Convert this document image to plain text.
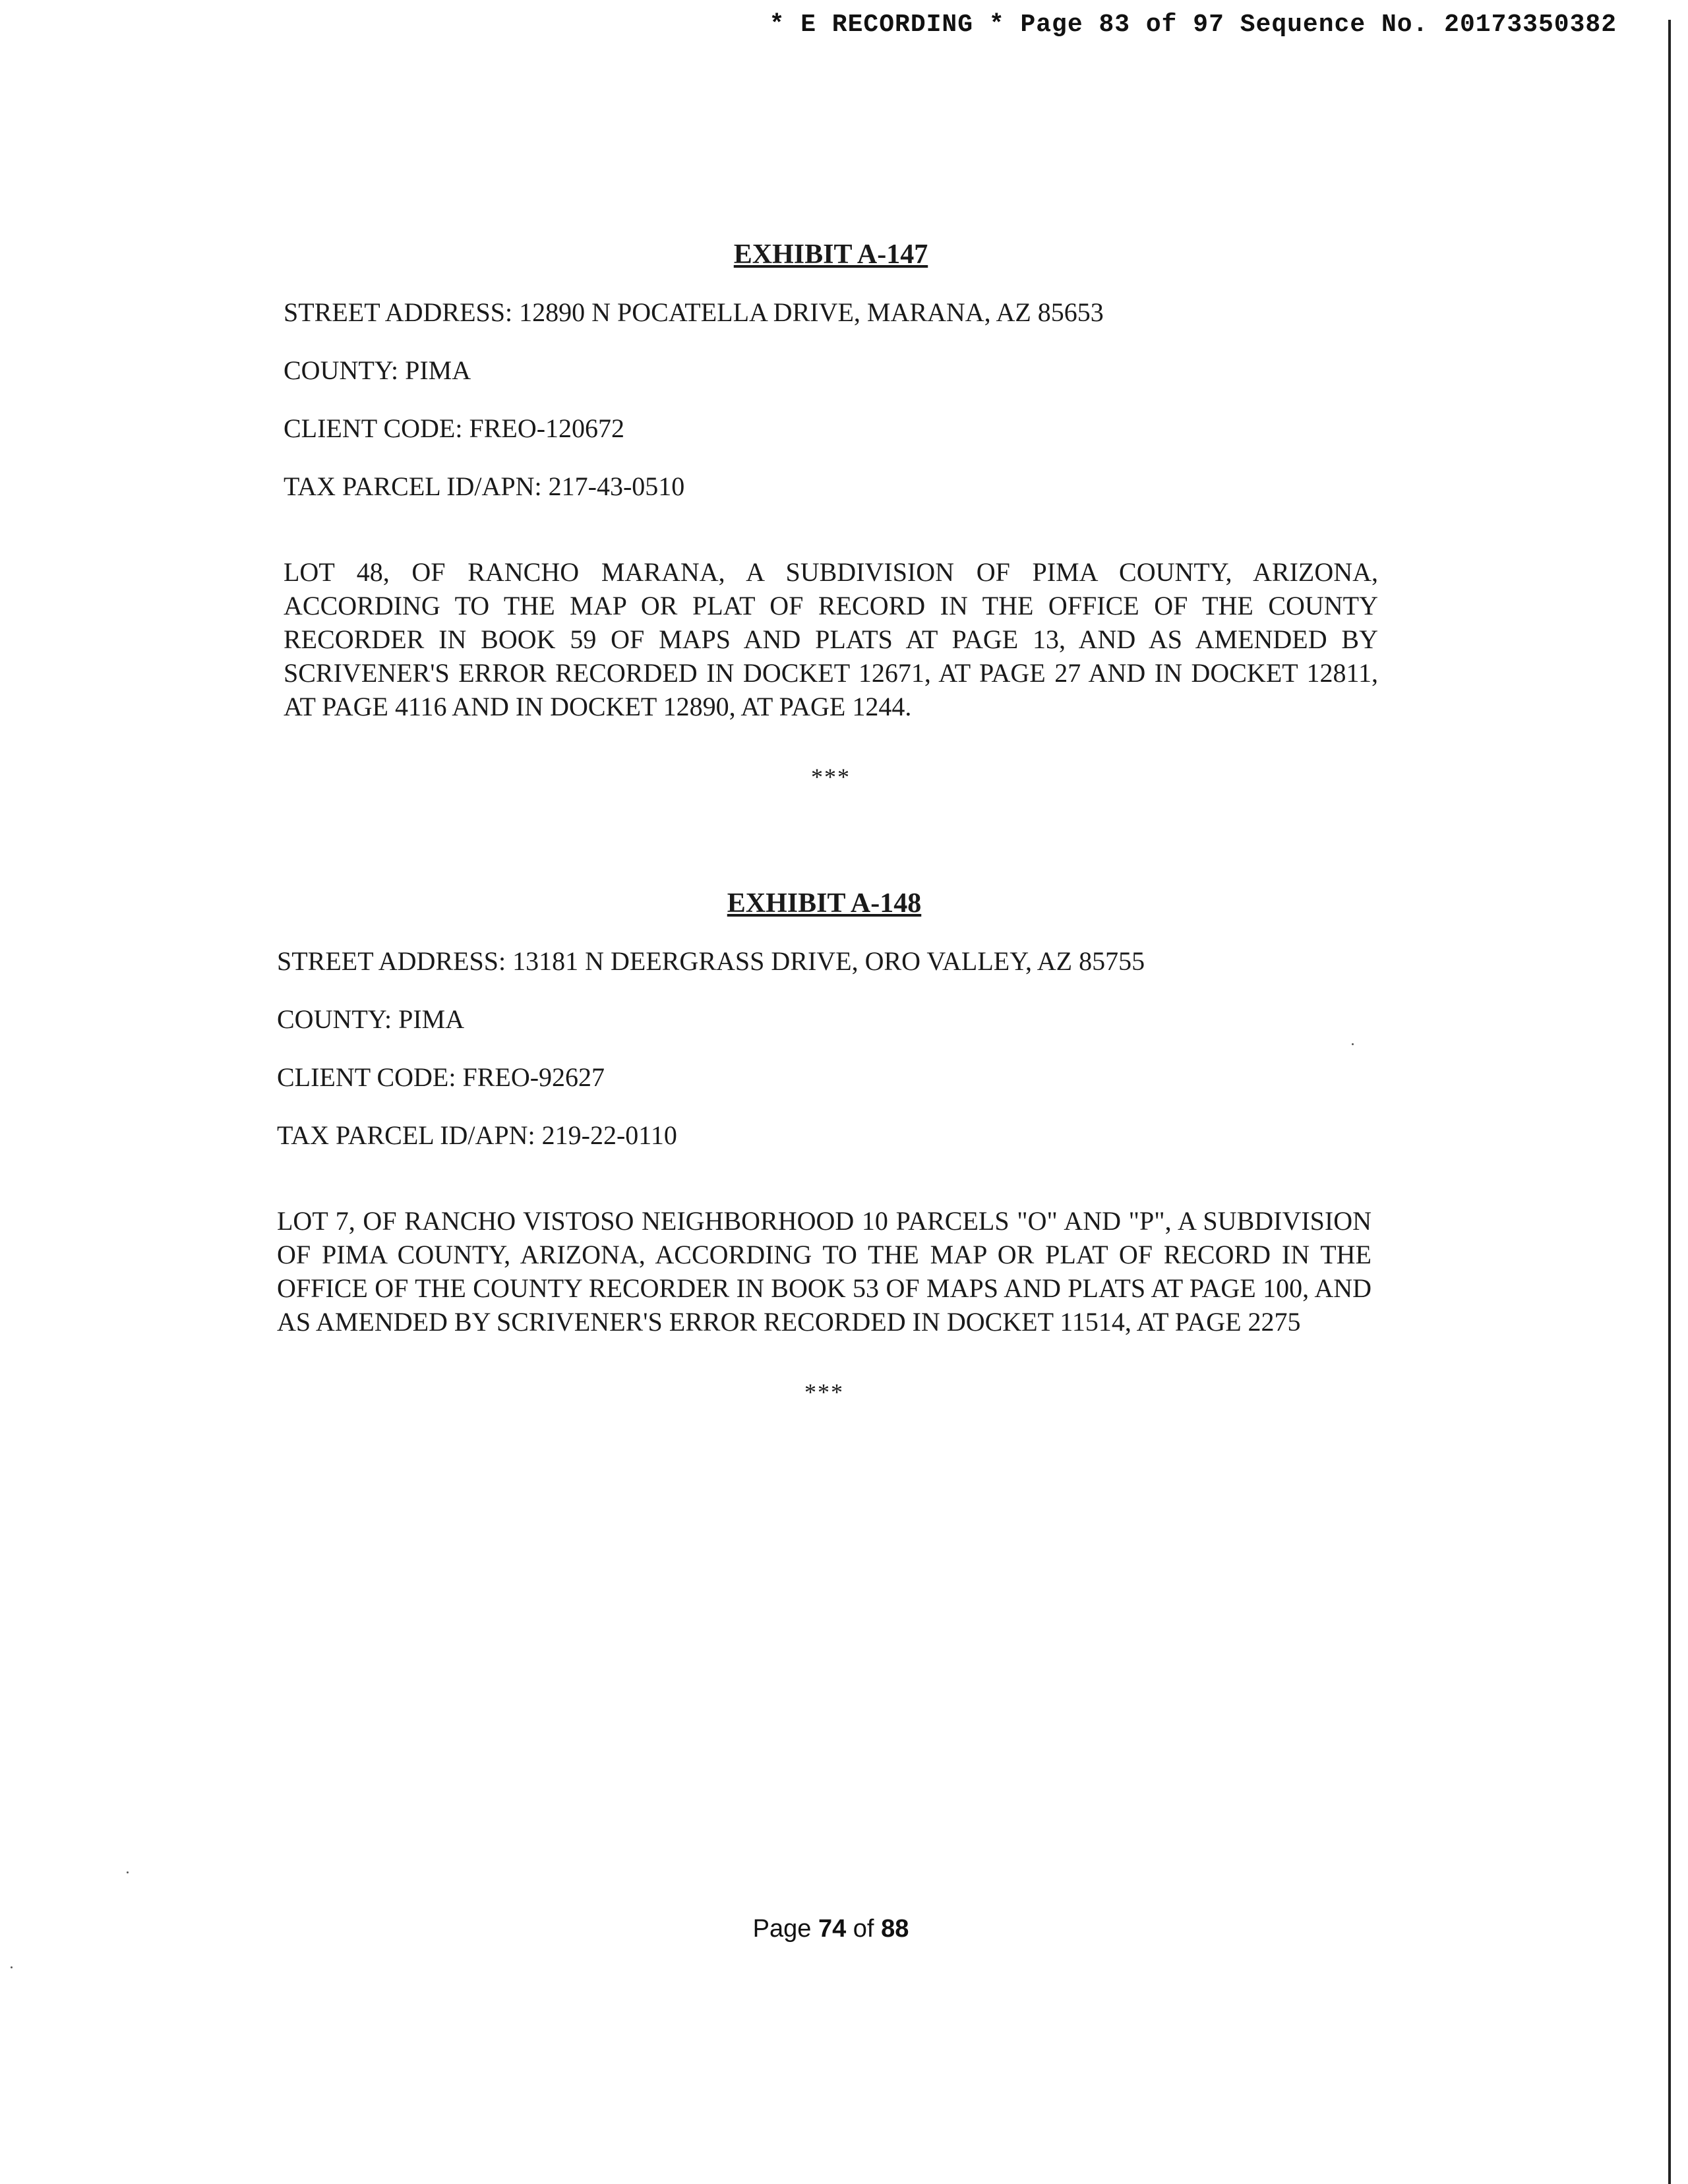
* E RECORDING * Page 83 of 97 Sequence No. 20173350382
EXHIBIT A-147
STREET ADDRESS: 12890 N POCATELLA DRIVE, MARANA, AZ 85653
COUNTY: PIMA
CLIENT CODE: FREO-120672
TAX PARCEL ID/APN: 217-43-0510
LOT 48, OF RANCHO MARANA, A SUBDIVISION OF PIMA COUNTY, ARIZONA, ACCORDING TO THE MAP OR PLAT OF RECORD IN THE OFFICE OF THE COUNTY RECORDER IN BOOK 59 OF MAPS AND PLATS AT PAGE 13, AND AS AMENDED BY SCRIVENER'S ERROR RECORDED IN DOCKET 12671, AT PAGE 27 AND IN DOCKET 12811, AT PAGE 4116 AND IN DOCKET 12890, AT PAGE 1244.
***
EXHIBIT A-148
STREET ADDRESS: 13181 N DEERGRASS DRIVE, ORO VALLEY, AZ 85755
COUNTY: PIMA
CLIENT CODE: FREO-92627
TAX PARCEL ID/APN: 219-22-0110
LOT 7, OF RANCHO VISTOSO NEIGHBORHOOD 10 PARCELS "O" AND "P", A SUBDIVISION OF PIMA COUNTY, ARIZONA, ACCORDING TO THE MAP OR PLAT OF RECORD IN THE OFFICE OF THE COUNTY RECORDER IN BOOK 53 OF MAPS AND PLATS AT PAGE 100, AND AS AMENDED BY SCRIVENER'S ERROR RECORDED IN DOCKET 11514, AT PAGE 2275
***
Page 74 of 88
